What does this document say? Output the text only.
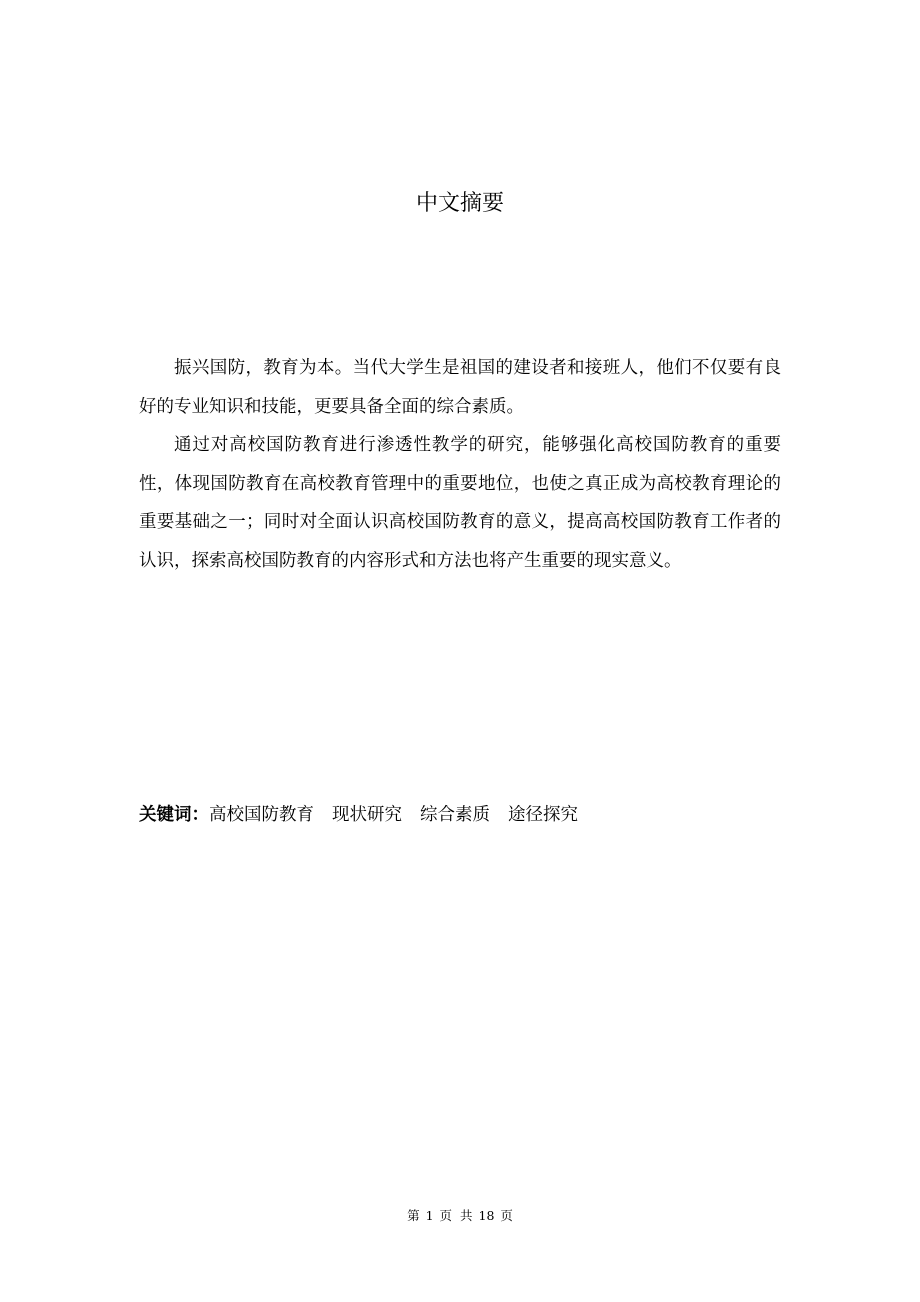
中文摘要

振兴国防，教育为本。当代大学生是祖国的建设者和接班人，他们不仅要有良好的专业知识和技能，更要具备全面的综合素质。

通过对高校国防教育进行渗透性教学的研究，能够强化高校国防教育的重要性，体现国防教育在高校教育管理中的重要地位，也使之真正成为高校教育理论的重要基础之一；同时对全面认识高校国防教育的意义，提高高校国防教育工作者的认识，探索高校国防教育的内容形式和方法也将产生重要的现实意义。

关键词：高校国防教育 现状研究 综合素质 途径探究
第 1 页 共 18 页
